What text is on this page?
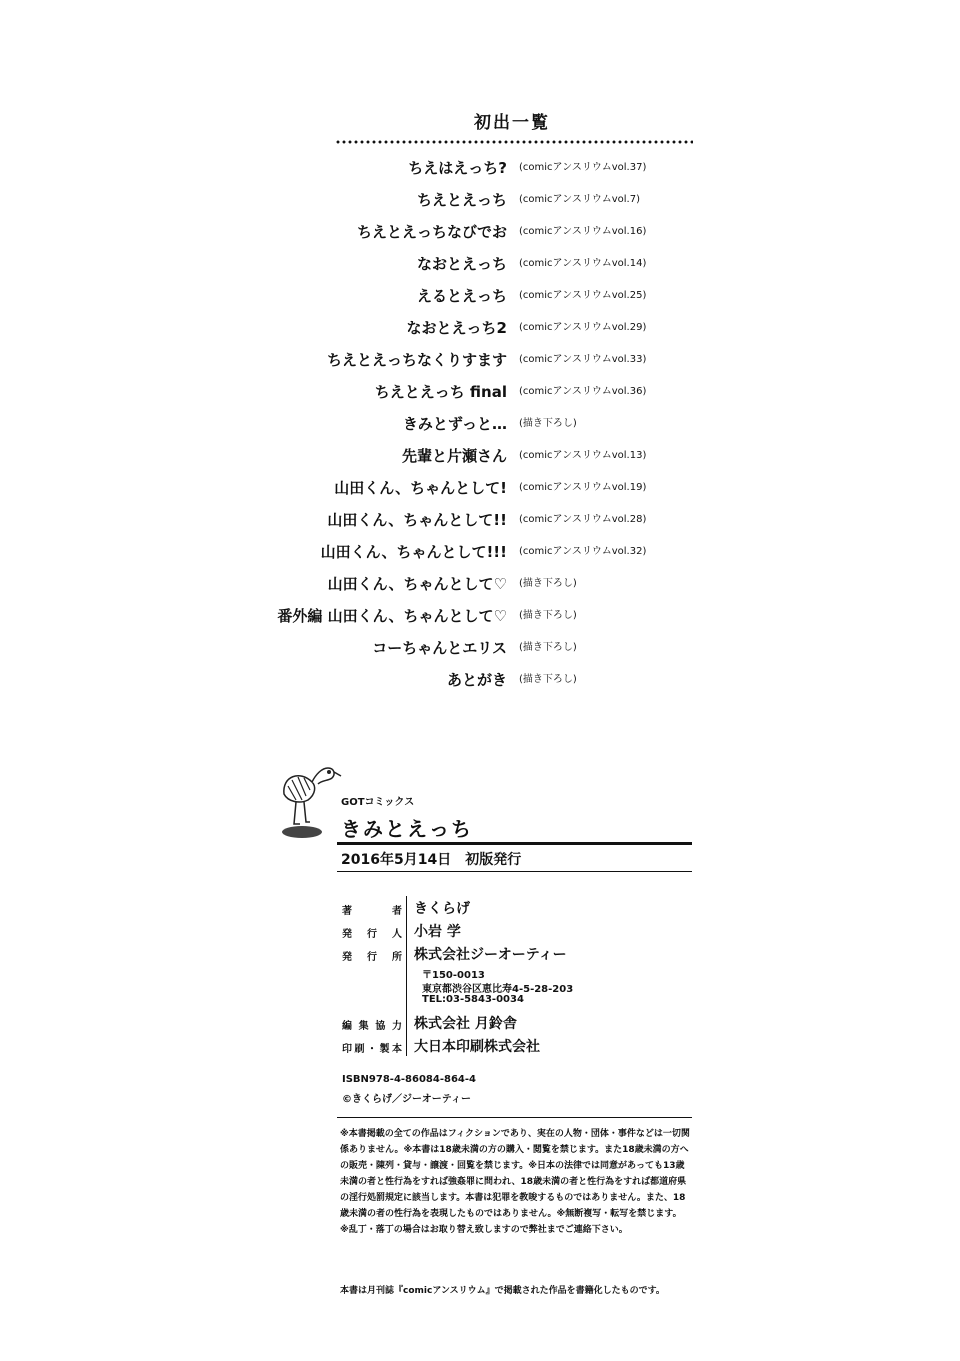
初出一覧
ちえはえっち? (comicアンスリウムvol.37)
ちえとえっち (comicアンスリウムvol.7)
ちえとえっちなびでお (comicアンスリウムvol.16)
なおとえっち (comicアンスリウムvol.14)
えるとえっち (comicアンスリウムvol.25)
なおとえっち2 (comicアンスリウムvol.29)
ちえとえっちなくりすます (comicアンスリウムvol.33)
ちえとえっち final (comicアンスリウムvol.36)
きみとずっと… (描き下ろし)
先輩と片瀬さん (comicアンスリウムvol.13)
山田くん、ちゃんとして! (comicアンスリウムvol.19)
山田くん、ちゃんとして!! (comicアンスリウムvol.28)
山田くん、ちゃんとして!!! (comicアンスリウムvol.32)
山田くん、ちゃんとして♡ (描き下ろし)
番外編 山田くん、ちゃんとして♡ (描き下ろし)
コーちゃんとエリス (描き下ろし)
あとがき (描き下ろし)
GOTコミックス
きみとえっち
2016年5月14日　初版発行
著	者
発 行 人
発 行 所
編 集 協 力
印 刷 ・ 製 本
きくらげ
小岩 学
株式会社ジーオーティー
〒150-0013
東京都渋谷区恵比寿4-5-28-203
TEL:03-5843-0034
株式会社 月鈴舎
大日本印刷株式会社
ISBN978-4-86084-864-4
©きくらげ／ジーオーティー
※本書掲載の全ての作品はフィクションであり、実在の人物・団体・事件などは一切関係ありません。※本書は18歳未満の方の購入・閲覧を禁じます。また18歳未満の方への販売・陳列・貸与・譲渡・回覧を禁じます。※日本の法律では同意があっても13歳未満の者と性行為をすれば強姦罪に問われ、18歳未満の者と性行為をすれば都道府県の淫行処罰規定に該当します。本書は犯罪を教唆するものではありません。また、18歳未満の者の性行為を表現したものではありません。※無断複写・転写を禁じます。※乱丁・落丁の場合はお取り替え致しますので弊社までご連絡下さい。
本書は月刊誌『comicアンスリウム』で掲載された作品を書籍化したものです。
